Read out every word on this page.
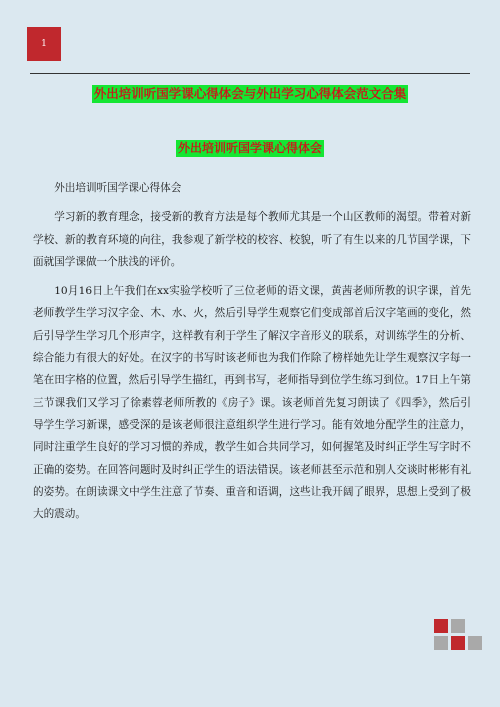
1
外出培训听国学课心得体会与外出学习心得体会范文合集
外出培训听国学课心得体会

外出培训听国学课心得体会

学习新的教育理念，接受新的教育方法是每个教师尤其是一个山区教师的渴望。带着对新学校、新的教育环境的向往，我参观了新学校的校容、校貌，听了有生以来的几节国学课，下面就国学课做一个肤浅的评价。

10月16日上午我们在xx实验学校听了三位老师的语文课，黄茜老师所教的识字课，首先老师教学生学习汉字金、木、水、火，然后引导学生观察它们变成部首后汉字笔画的变化，然后引导学生学习几个形声字，这样教有利于学生了解汉字音形义的联系，对训练学生的分析、综合能力有很大的好处。在汉字的书写时该老师也为我们作除了榜样她先让学生观察汉字每一笔在田字格的位置，然后引导学生描红，再到书写，老师指导到位学生练习到位。17日上午第三节课我们又学习了徐素蓉老师所教的《房子》课。该老师首先复习朗读了《四季》，然后引导学生学习新课，感受深的是该老师很注意组织学生进行学习。能有效地分配学生的注意力，同时注重学生良好的学习习惯的养成，教学生如合共同学习，如何握笔及时纠正学生写字时不正确的姿势。在回答问题时及时纠正学生的语法错误。该老师甚至示范和别人交谈时彬彬有礼的姿势。在朗读课文中学生注意了节奏、重音和语调，这些让我开阔了眼界，思想上受到了极大的震动。
